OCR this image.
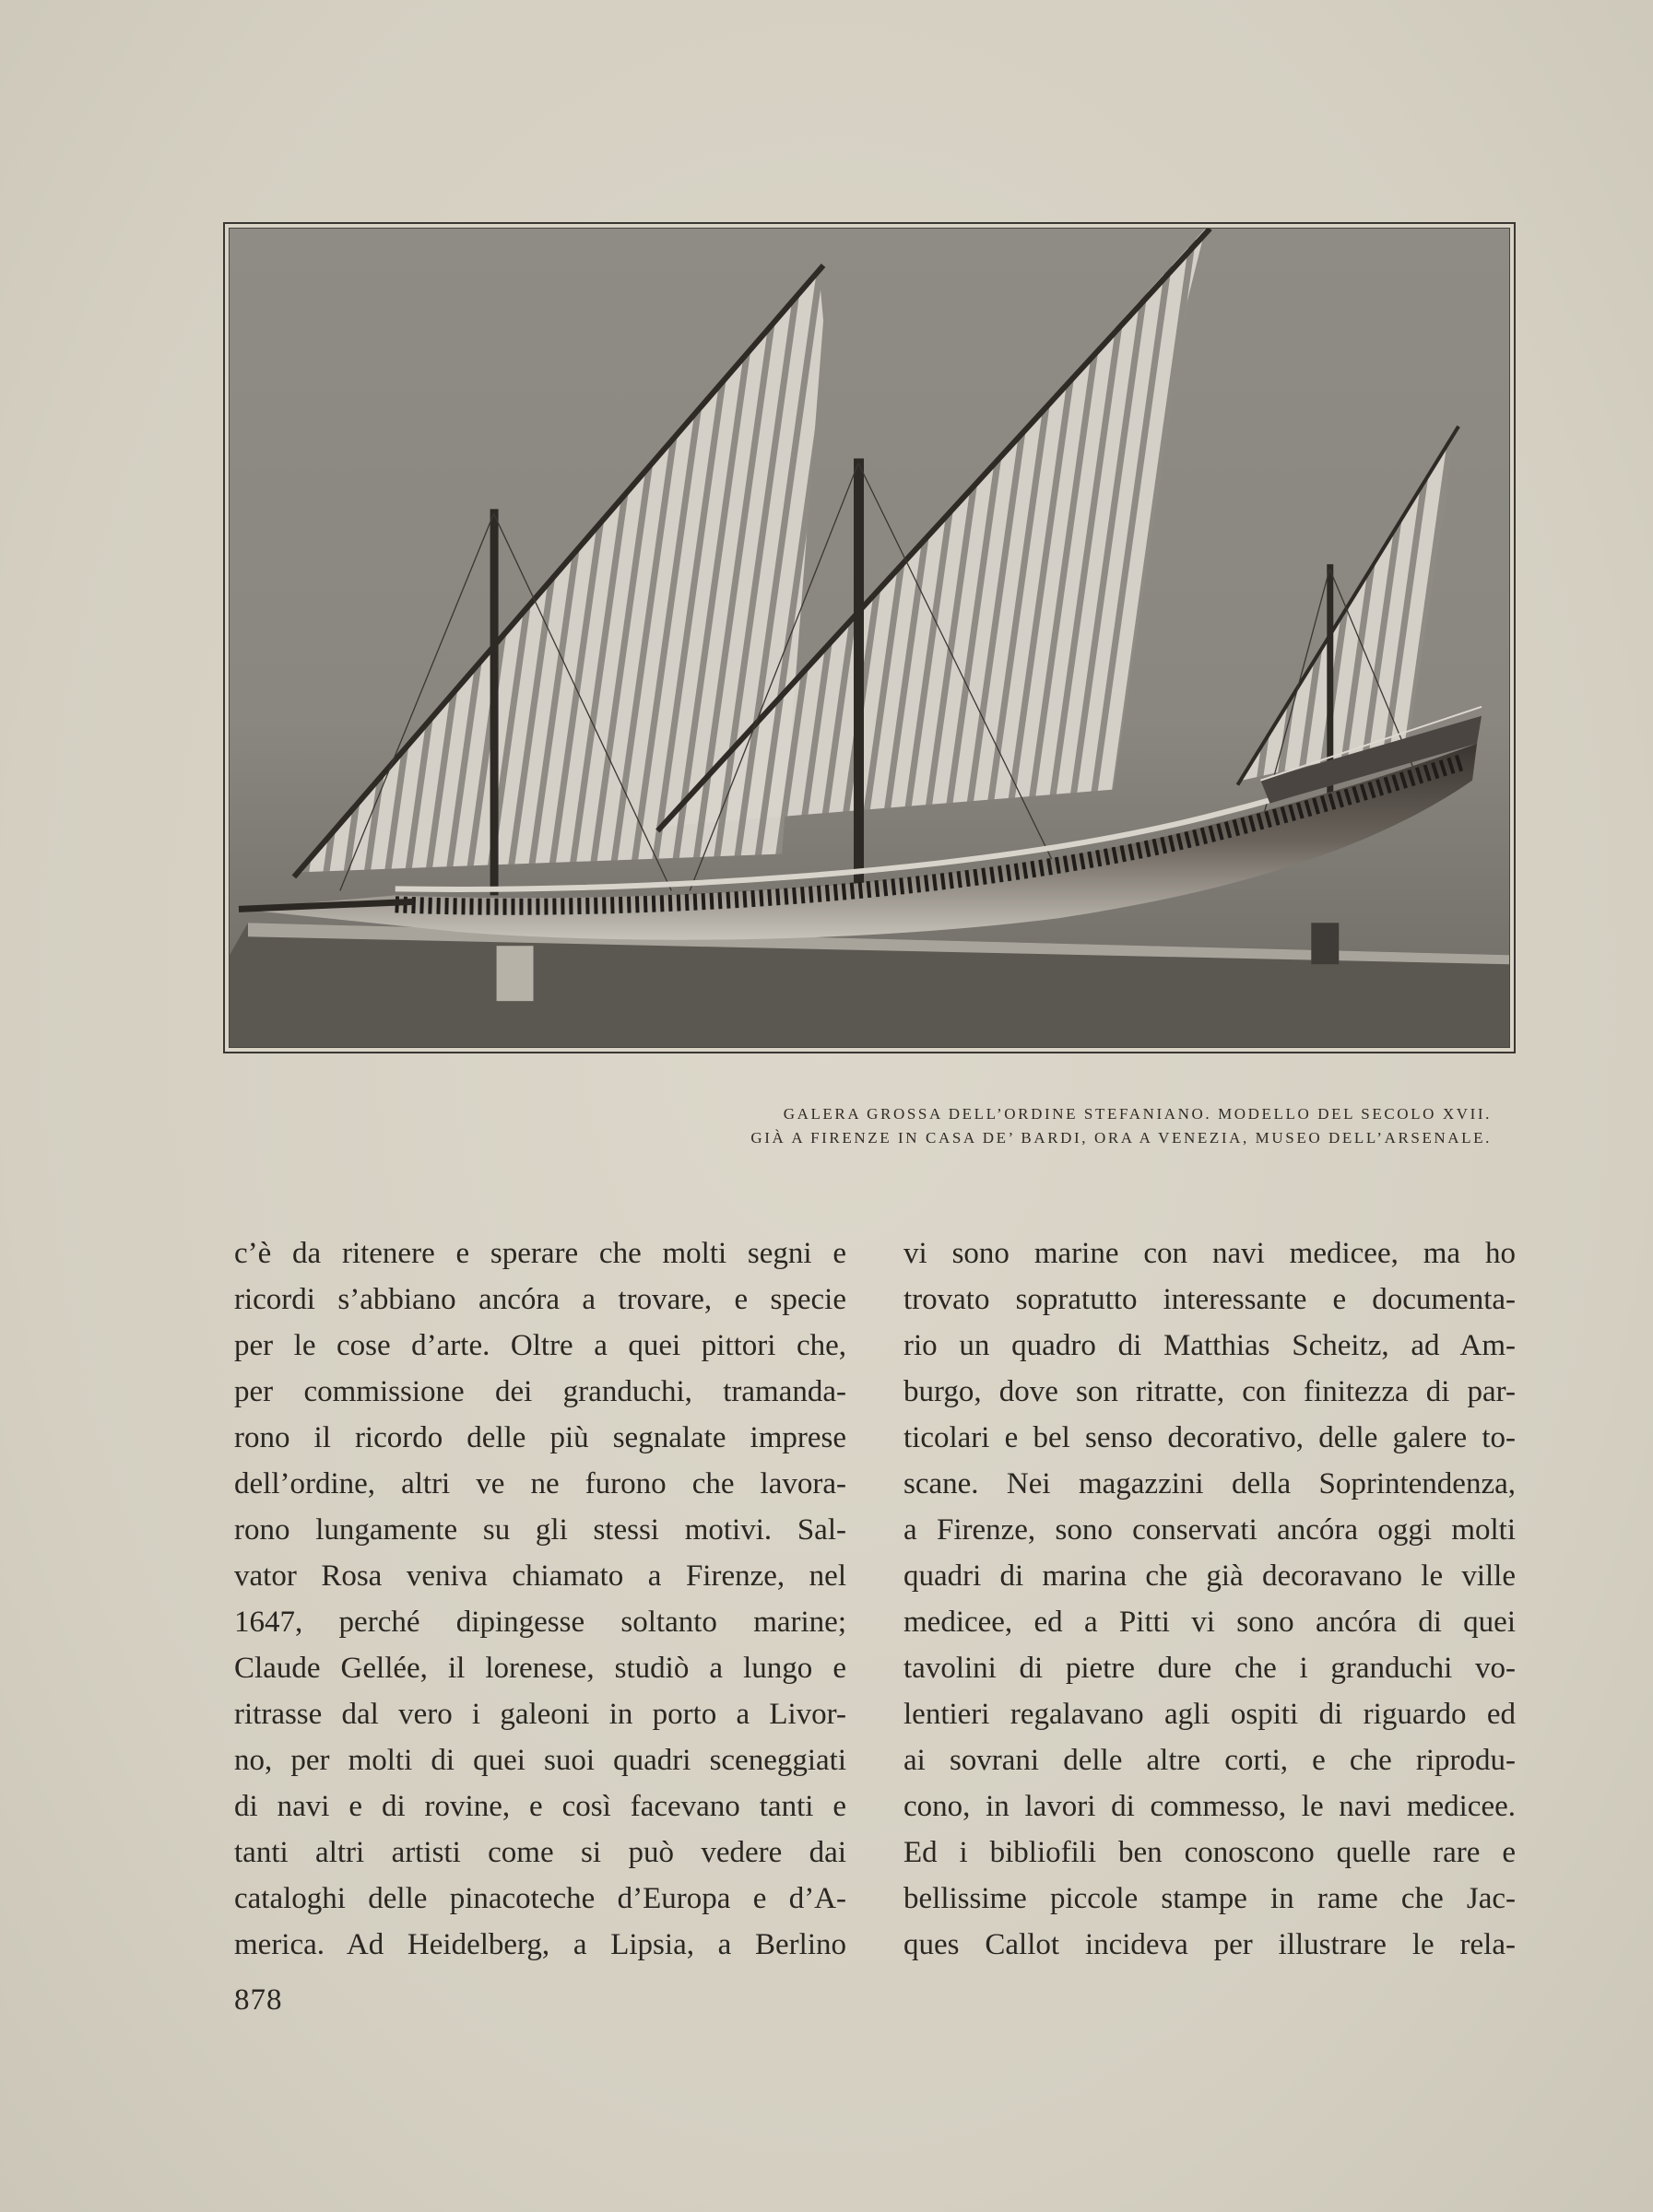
GALERA GROSSA DELL’ORDINE STEFANIANO. MODELLO DEL SECOLO XVII.
GIÀ A FIRENZE IN CASA DE’ BARDI, ORA A VENEZIA, MUSEO DELL’ARSENALE.
c’è da ritenere e sperare che molti segni e
ricordi s’abbiano ancóra a trovare, e specie
per le cose d’arte. Oltre a quei pittori che,
per commissione dei granduchi, tramanda-
rono il ricordo delle più segnalate imprese
dell’ordine, altri ve ne furono che lavora-
rono lungamente su gli stessi motivi. Sal-
vator Rosa veniva chiamato a Firenze, nel
1647, perché dipingesse soltanto marine;
Claude Gellée, il lorenese, studiò a lungo e
ritrasse dal vero i galeoni in porto a Livor-
no, per molti di quei suoi quadri sceneggiati
di navi e di rovine, e così facevano tanti e
tanti altri artisti come si può vedere dai
cataloghi delle pinacoteche d’Europa e d’A-
merica. Ad Heidelberg, a Lipsia, a Berlino
vi sono marine con navi medicee, ma ho
trovato sopratutto interessante e documenta-
rio un quadro di Matthias Scheitz, ad Am-
burgo, dove son ritratte, con finitezza di par-
ticolari e bel senso decorativo, delle galere to-
scane. Nei magazzini della Soprintendenza,
a Firenze, sono conservati ancóra oggi molti
quadri di marina che già decoravano le ville
medicee, ed a Pitti vi sono ancóra di quei
tavolini di pietre dure che i granduchi vo-
lentieri regalavano agli ospiti di riguardo ed
ai sovrani delle altre corti, e che riprodu-
cono, in lavori di commesso, le navi medicee.
Ed i bibliofili ben conoscono quelle rare e
bellissime piccole stampe in rame che Jac-
ques Callot incideva per illustrare le rela-
878
